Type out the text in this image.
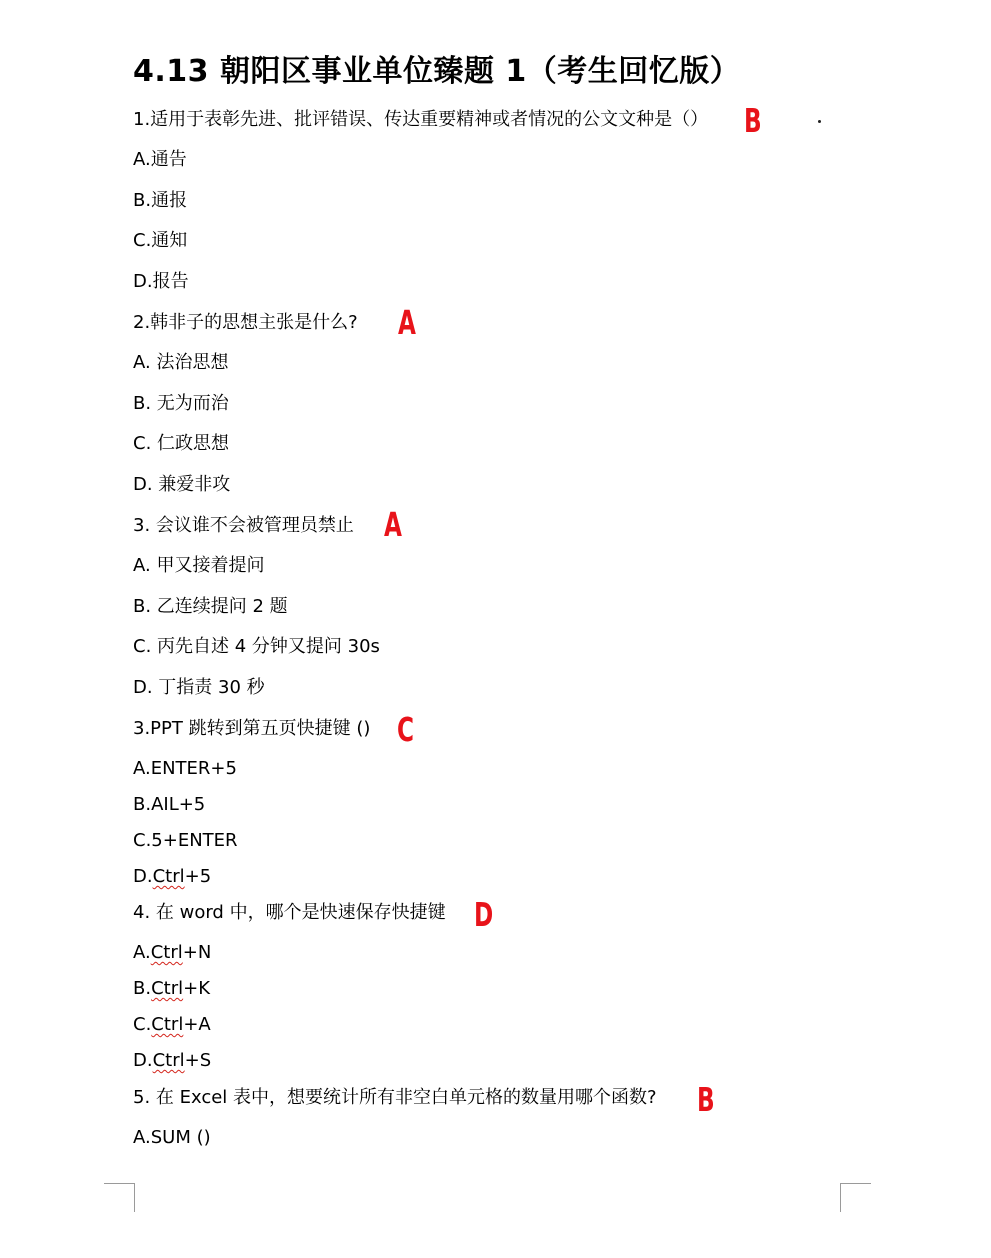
4.13 朝阳区事业单位臻题 1（考生回忆版）
1.适用于表彰先进、批评错误、传达重要精神或者情况的公文文种是（） B
A.通告
B.通报
C.通知
D.报告
2.韩非子的思想主张是什么? A
A. 法治思想
B. 无为而治
C. 仁政思想
D. 兼爱非攻
3. 会议谁不会被管理员禁止 A
A. 甲又接着提问
B. 乙连续提问 2 题
C. 丙先自述 4 分钟又提问 30s
D. 丁指责 30 秒
3.PPT 跳转到第五页快捷键 () C
A.ENTER+5
B.AIL+5
C.5+ENTER
D.Ctrl+5
4. 在 word 中，哪个是快速保存快捷键 D
A.Ctrl+N
B.Ctrl+K
C.Ctrl+A
D.Ctrl+S
5. 在 Excel 表中，想要统计所有非空白单元格的数量用哪个函数? B
A.SUM ()
